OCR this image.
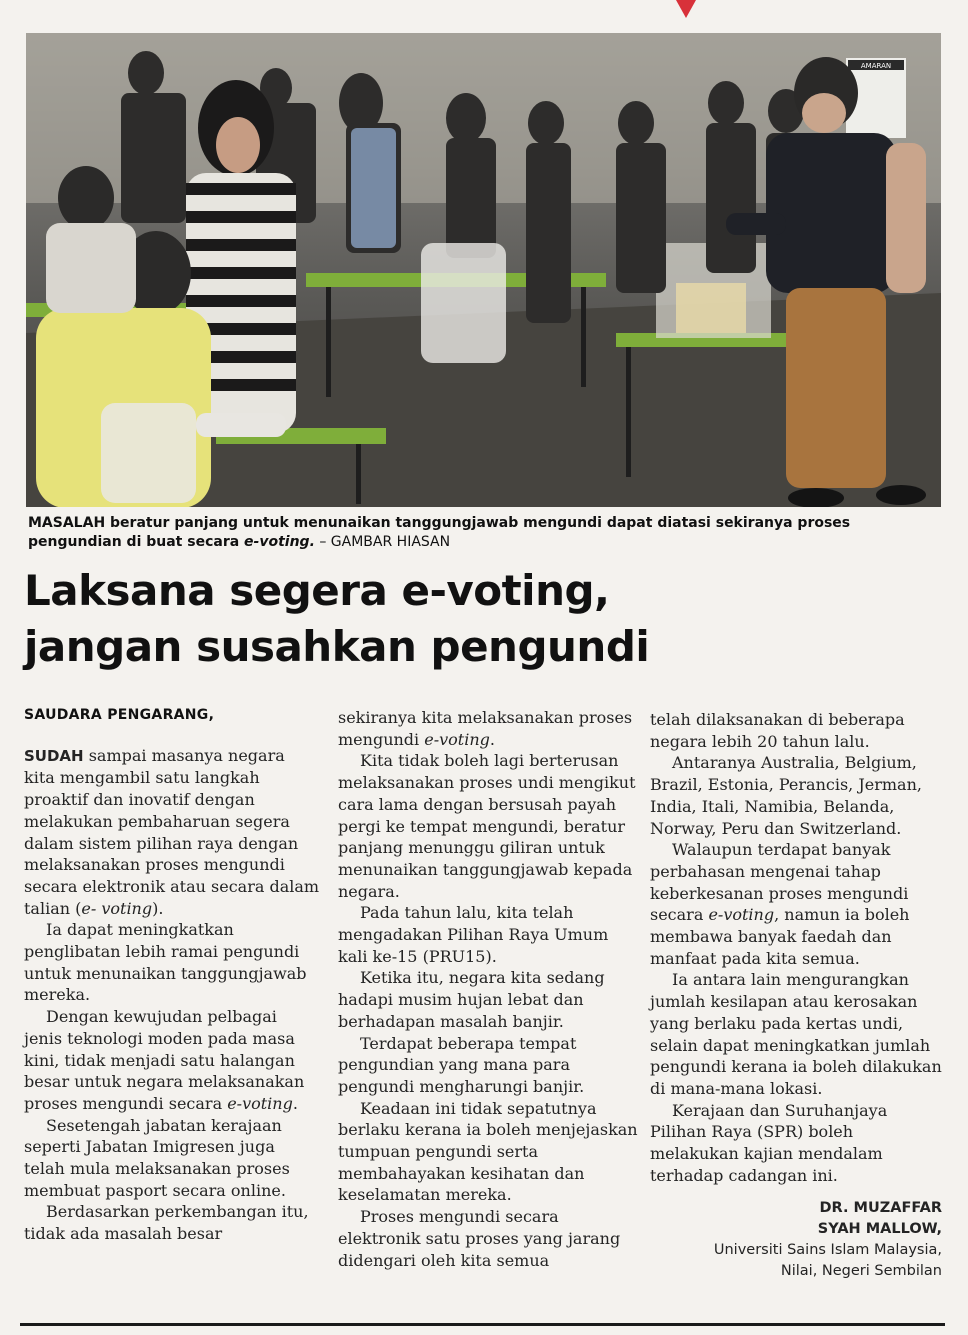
AMARAN
MASALAH beratur panjang untuk menunaikan tanggungjawab mengundi dapat diatasi sekiranya proses pengundian di buat secara e-voting. – GAMBAR HIASAN
Laksana segera e-voting,
jangan susahkan pengundi

SAUDARA PENGARANG,

SUDAH sampai masanya negara kita mengambil satu langkah proaktif dan inovatif dengan melakukan pembaharuan segera dalam sistem pilihan raya dengan melaksanakan proses mengundi secara elektronik atau secara dalam talian (e- voting).

Ia dapat meningkatkan penglibatan lebih ramai pengundi untuk menunaikan tanggungjawab mereka.

Dengan kewujudan pelbagai jenis teknologi moden pada masa kini, tidak menjadi satu halangan besar untuk negara melaksanakan proses mengundi secara e-voting.

Sesetengah jabatan kerajaan seperti Jabatan Imigresen juga telah mula melaksanakan proses membuat pasport secara online.

Berdasarkan perkembangan itu, tidak ada masalah besar

sekiranya kita melaksanakan proses mengundi e-voting.

Kita tidak boleh lagi berterusan melaksanakan proses undi mengikut cara lama dengan bersusah payah pergi ke tempat mengundi, beratur panjang menunggu giliran untuk menunaikan tanggungjawab kepada negara.

Pada tahun lalu, kita telah mengadakan Pilihan Raya Umum kali ke-15 (PRU15).

Ketika itu, negara kita sedang hadapi musim hujan lebat dan berhadapan masalah banjir.

Terdapat beberapa tempat pengundian yang mana para pengundi mengharungi banjir.

Keadaan ini tidak sepatutnya berlaku kerana ia boleh menjejaskan tumpuan pengundi serta membahayakan kesihatan dan keselamatan mereka.

Proses mengundi secara elektronik satu proses yang jarang didengari oleh kita semua

telah dilaksanakan di beberapa negara lebih 20 tahun lalu.

Antaranya Australia, Belgium, Brazil, Estonia, Perancis, Jerman, India, Itali, Namibia, Belanda, Norway, Peru dan Switzerland.

Walaupun terdapat banyak perbahasan mengenai tahap keberkesanan proses mengundi secara e-voting, namun ia boleh membawa banyak faedah dan manfaat pada kita semua.

Ia antara lain mengurangkan jumlah kesilapan atau kerosakan yang berlaku pada kertas undi, selain dapat meningkatkan jumlah pengundi kerana ia boleh dilakukan di mana-mana lokasi.

Kerajaan dan Suruhanjaya Pilihan Raya (SPR) boleh melakukan kajian mendalam terhadap cadangan ini.

DR. MUZAFFAR
SYAH MALLOW,
Universiti Sains Islam Malaysia,
Nilai, Negeri Sembilan
